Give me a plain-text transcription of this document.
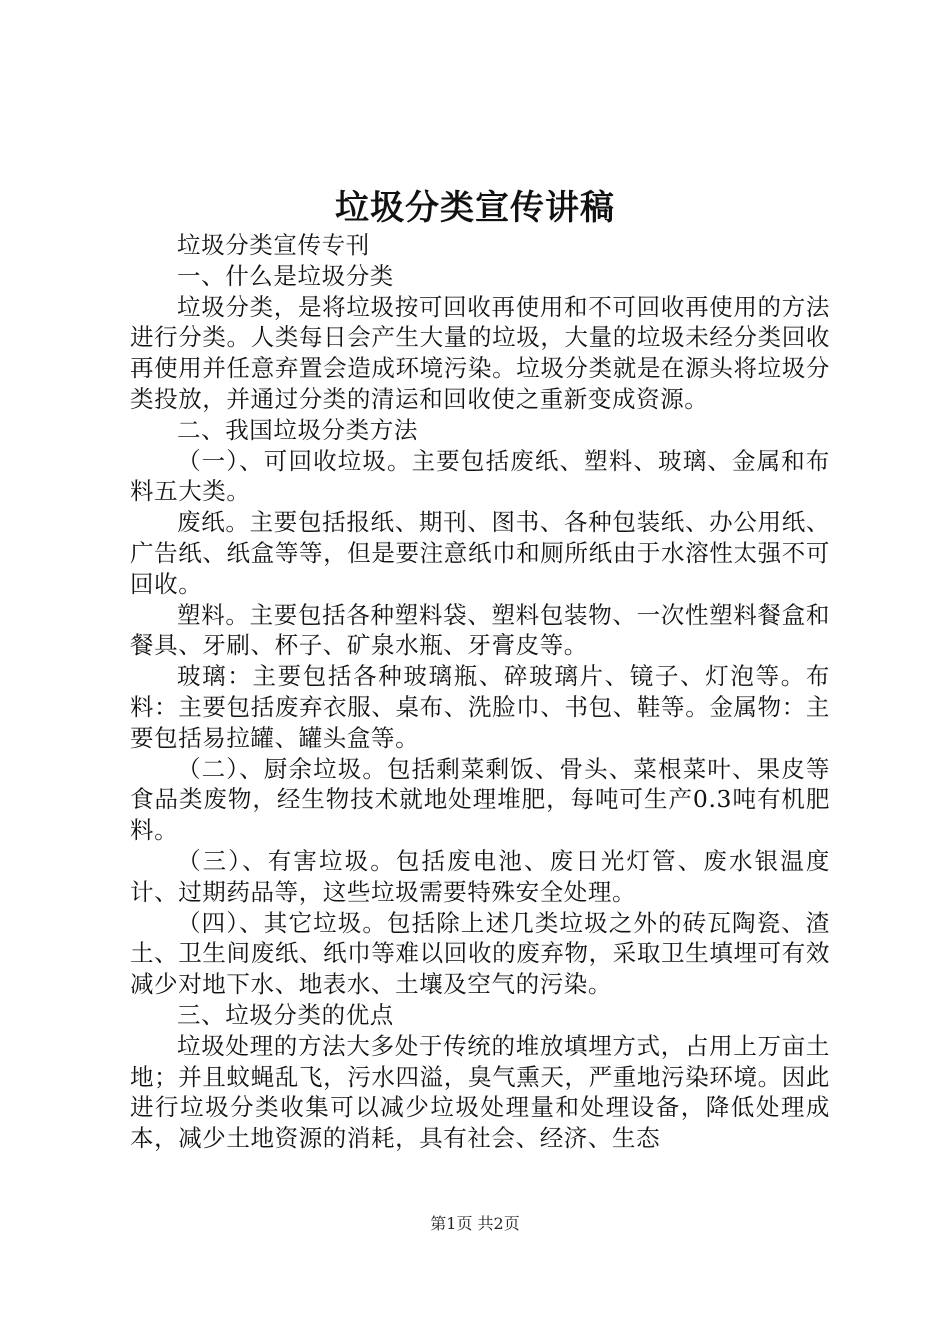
垃圾分类宣传讲稿

垃圾分类宣传专刊

一、什么是垃圾分类

垃圾分类，是将垃圾按可回收再使用和不可回收再使用的方法进行分类。人类每日会产生大量的垃圾，大量的垃圾未经分类回收再使用并任意弃置会造成环境污染。垃圾分类就是在源头将垃圾分类投放，并通过分类的清运和回收使之重新变成资源。

二、我国垃圾分类方法

（一）、可回收垃圾。主要包括废纸、塑料、玻璃、金属和布料五大类。

废纸。主要包括报纸、期刊、图书、各种包装纸、办公用纸、广告纸、纸盒等等，但是要注意纸巾和厕所纸由于水溶性太强不可回收。

塑料。主要包括各种塑料袋、塑料包装物、一次性塑料餐盒和餐具、牙刷、杯子、矿泉水瓶、牙膏皮等。

玻璃：主要包括各种玻璃瓶、碎玻璃片、镜子、灯泡等。布料：主要包括废弃衣服、桌布、洗脸巾、书包、鞋等。金属物：主要包括易拉罐、罐头盒等。

（二）、厨余垃圾。包括剩菜剩饭、骨头、菜根菜叶、果皮等食品类废物，经生物技术就地处理堆肥，每吨可生产0.3吨有机肥料。

（三）、有害垃圾。包括废电池、废日光灯管、废水银温度计、过期药品等，这些垃圾需要特殊安全处理。

（四）、其它垃圾。包括除上述几类垃圾之外的砖瓦陶瓷、渣土、卫生间废纸、纸巾等难以回收的废弃物，采取卫生填埋可有效减少对地下水、地表水、土壤及空气的污染。

三、垃圾分类的优点

垃圾处理的方法大多处于传统的堆放填埋方式，占用上万亩土地；并且蚊蝇乱飞，污水四溢，臭气熏天，严重地污染环境。因此进行垃圾分类收集可以减少垃圾处理量和处理设备，降低处理成本，减少土地资源的消耗，具有社会、经济、生态

第1页 共2页
